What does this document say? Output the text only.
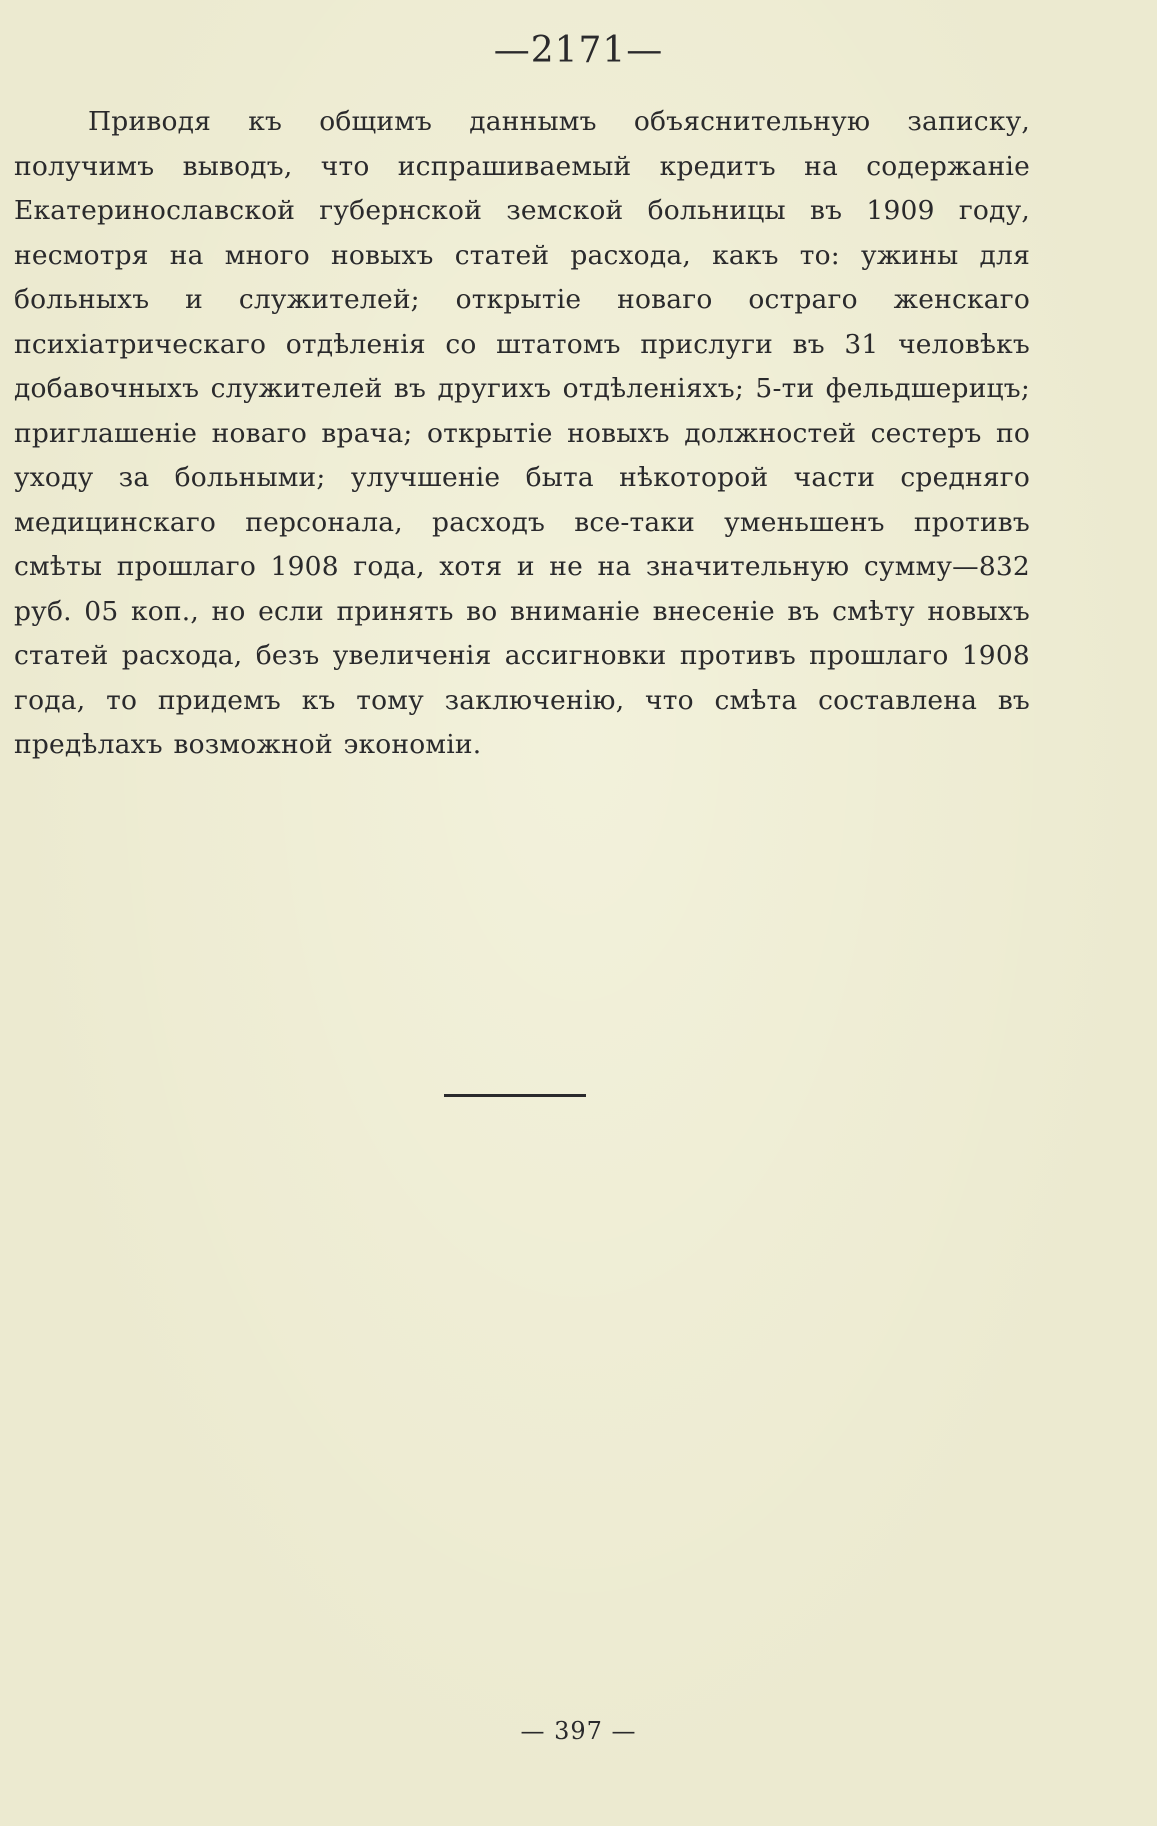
—2171—

Приводя къ общимъ даннымъ объяснительную записку, получимъ выводъ, что испрашиваемый кредитъ на содержаніе Екатеринославской губернской земской больницы въ 1909 году, несмотря на много новыхъ статей расхода, какъ то: ужины для больныхъ и служителей; открытіе новаго остраго женскаго психіатрическаго отдѣленія со штатомъ прислуги въ 31 человѣкъ добавочныхъ служителей въ другихъ отдѣленіяхъ; 5-ти фельдшерицъ; приглашеніе новаго врача; открытіе новыхъ должностей сестеръ по уходу за больными; улучшеніе быта нѣкоторой части средняго медицинскаго персонала, расходъ все-таки уменьшенъ противъ смѣты прошлаго 1908 года, хотя и не на значительную сумму—832 руб. 05 коп., но если принять во вниманіе внесеніе въ смѣту новыхъ статей расхода, безъ увеличенія ассигновки противъ прошлаго 1908 года, то придемъ къ тому заключенію, что смѣта составлена въ предѣлахъ возможной экономіи.

— 397 —
